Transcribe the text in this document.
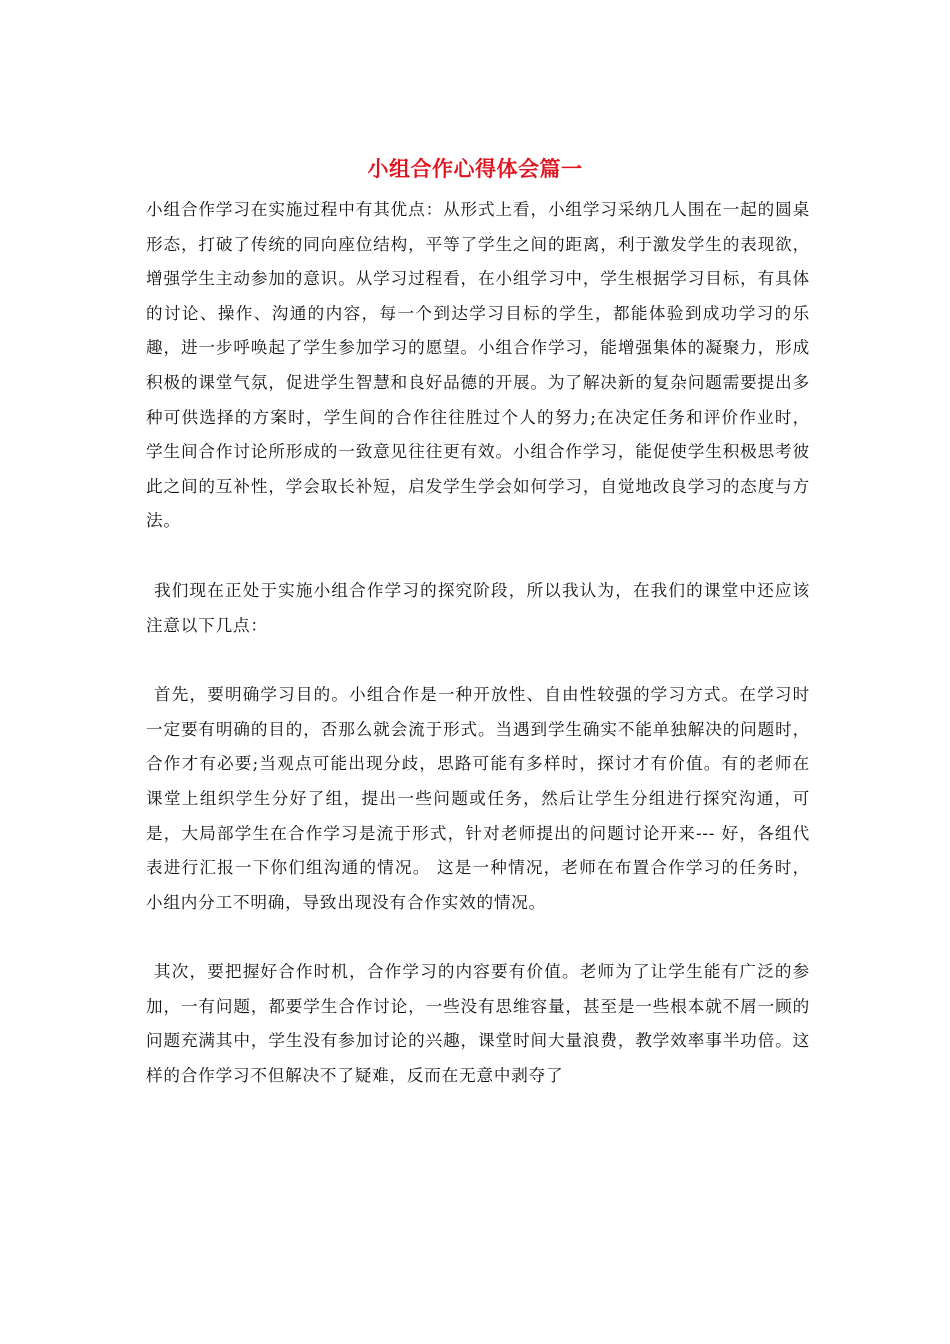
小组合作心得体会篇一

小组合作学习在实施过程中有其优点：从形式上看，小组学习采纳几人围在一起的圆桌形态，打破了传统的同向座位结构，平等了学生之间的距离，利于激发学生的表现欲，增强学生主动参加的意识。从学习过程看，在小组学习中，学生根据学习目标，有具体的讨论、操作、沟通的内容，每一个到达学习目标的学生，都能体验到成功学习的乐趣，进一步呼唤起了学生参加学习的愿望。小组合作学习，能增强集体的凝聚力，形成积极的课堂气氛，促进学生智慧和良好品德的开展。为了解决新的复杂问题需要提出多种可供选择的方案时，学生间的合作往往胜过个人的努力;在决定任务和评价作业时，学生间合作讨论所形成的一致意见往往更有效。小组合作学习，能促使学生积极思考彼此之间的互补性，学会取长补短，启发学生学会如何学习，自觉地改良学习的态度与方法。

我们现在正处于实施小组合作学习的探究阶段，所以我认为，在我们的课堂中还应该注意以下几点：

首先，要明确学习目的。小组合作是一种开放性、自由性较强的学习方式。在学习时一定要有明确的目的，否那么就会流于形式。当遇到学生确实不能单独解决的问题时，合作才有必要;当观点可能出现分歧，思路可能有多样时，探讨才有价值。有的老师在课堂上组织学生分好了组，提出一些问题或任务，然后让学生分组进行探究沟通，可是，大局部学生在合作学习是流于形式，针对老师提出的问题讨论开来--- 好，各组代表进行汇报一下你们组沟通的情况。 这是一种情况，老师在布置合作学习的任务时，小组内分工不明确，导致出现没有合作实效的情况。

其次，要把握好合作时机，合作学习的内容要有价值。老师为了让学生能有广泛的参加，一有问题，都要学生合作讨论，一些没有思维容量，甚至是一些根本就不屑一顾的问题充满其中，学生没有参加讨论的兴趣，课堂时间大量浪费，教学效率事半功倍。这样的合作学习不但解决不了疑难，反而在无意中剥夺了
